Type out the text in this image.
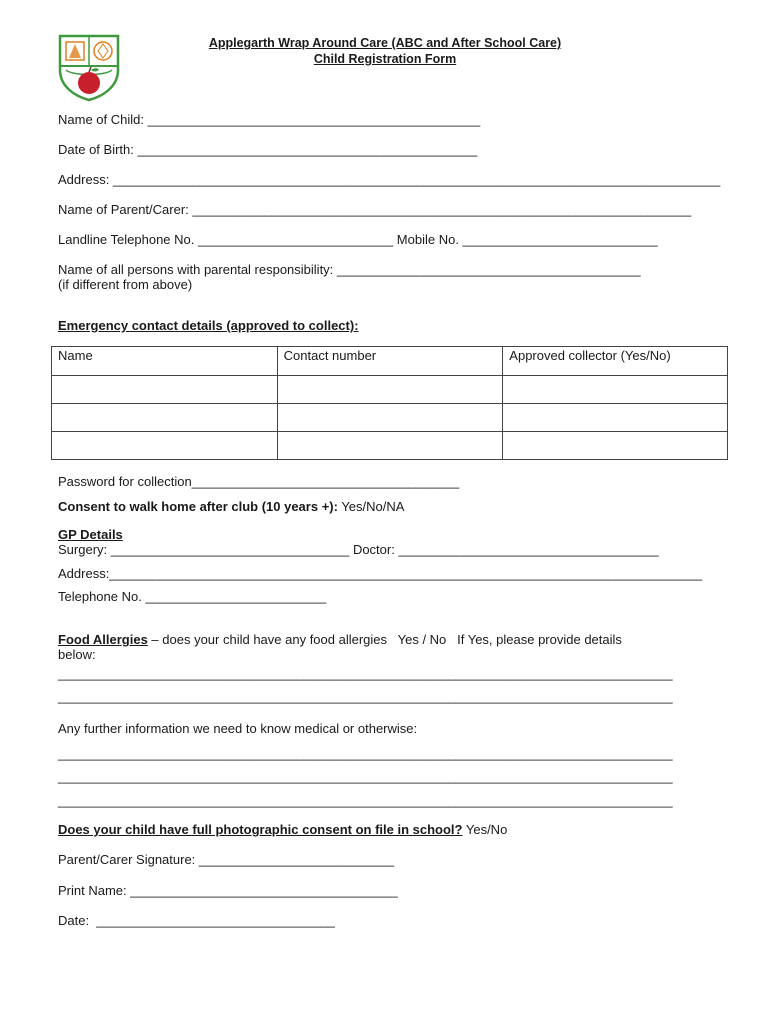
Applegarth Wrap Around Care (ABC and After School Care)
Child Registration Form
Name of Child: ______________________________________________
Date of Birth: _______________________________________________
Address: ____________________________________________________________________________________
Name of Parent/Carer: _____________________________________________________________________
Landline Telephone No. ___________________________ Mobile No. ___________________________
Name of all persons with parental responsibility: __________________________________________
(if different from above)
Emergency contact details (approved to collect):
Name	Contact number	Approved collector (Yes/No)

Password for collection_____________________________________
Consent to walk home after club (10 years +): Yes/No/NA
GP Details
Surgery: _________________________________ Doctor: ____________________________________
Address:__________________________________________________________________________________
Telephone No. _________________________
Food Allergies – does your child have any food allergies   Yes / No   If Yes, please provide details
below:
_____________________________________________________________________________________
_____________________________________________________________________________________
Any further information we need to know medical or otherwise:
_____________________________________________________________________________________
_____________________________________________________________________________________
_____________________________________________________________________________________
Does your child have full photographic consent on file in school? Yes/No
Parent/Carer Signature: ___________________________
Print Name: _____________________________________
Date:  _________________________________
